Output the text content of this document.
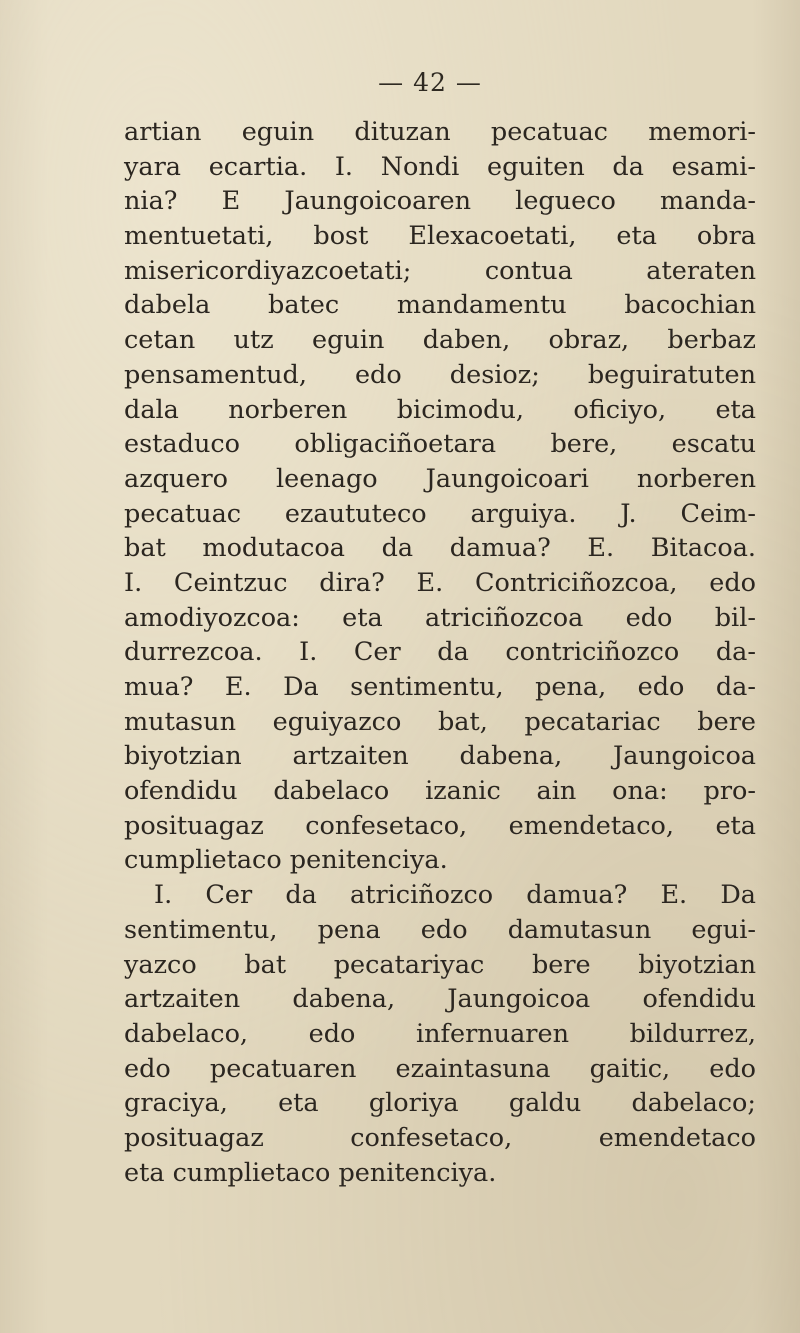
— 42 —
artian eguin dituzan pecatuac memori-
yara ecartia. I. Nondi eguiten da esami-
nia? E Jaungoicoaren legueco manda-
mentuetati, bost Elexacoetati, eta obra
misericordiyazcoetati; contua ateraten
dabela batec mandamentu bacochian
cetan utz eguin daben, obraz, berbaz
pensamentud, edo desioz; beguiratuten
dala norberen bicimodu, oficiyo, eta
estaduco obligaciñoetara bere, escatu
azquero leenago Jaungoicoari norberen
pecatuac ezaututeco arguiya. J. Ceim-
bat modutacoa da damua? E. Bitacoa.
I. Ceintzuc dira? E. Contriciñozcoa, edo
amodiyozcoa: eta atriciñozcoa edo bil-
durrezcoa. I. Cer da contriciñozco da-
mua? E. Da sentimentu, pena, edo da-
mutasun eguiyazco bat, pecatariac bere
biyotzian artzaiten dabena, Jaungoicoa
ofendidu dabelaco izanic ain ona: pro-
posituagaz confesetaco, emendetaco, eta
cumplietaco penitenciya.
I. Cer da atriciñozco damua? E. Da
sentimentu, pena edo damutasun egui-
yazco bat pecatariyac bere biyotzian
artzaiten dabena, Jaungoicoa ofendidu
dabelaco, edo infernuaren bildurrez,
edo pecatuaren ezaintasuna gaitic, edo
graciya, eta gloriya galdu dabelaco;
posituagaz confesetaco, emendetaco
eta cumplietaco penitenciya.
